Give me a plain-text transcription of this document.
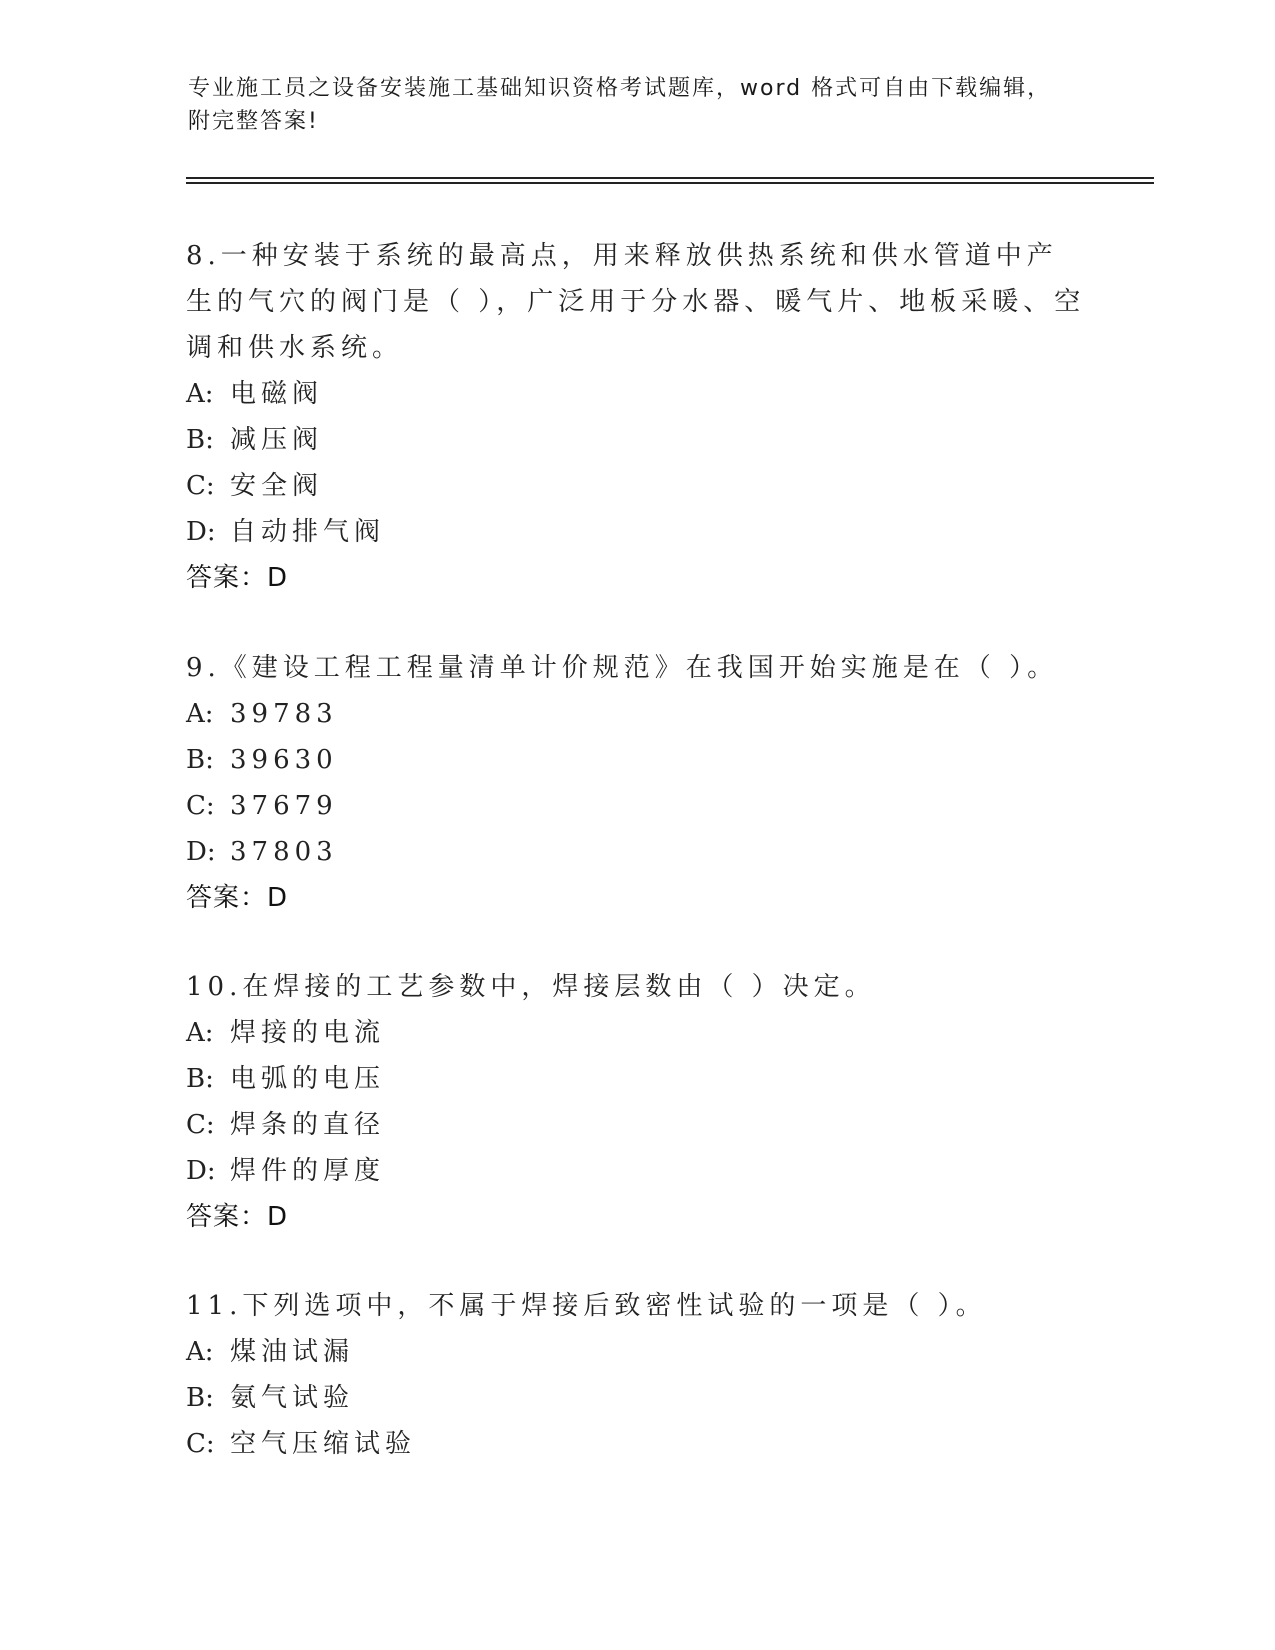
专业施工员之设备安装施工基础知识资格考试题库，word 格式可自由下载编辑，
附完整答案!

8.一种安装于系统的最高点，用来释放供热系统和供水管道中产生的气穴的阀门是（ ），广泛用于分水器、暖气片、地板采暖、空调和供水系统。

A: 电磁阀
B: 减压阀
C: 安全阀
D: 自动排气阀
答案：D

9.《建设工程工程量清单计价规范》在我国开始实施是在（ ）。

A: 39783
B: 39630
C: 37679
D: 37803
答案：D

10.在焊接的工艺参数中，焊接层数由（ ）决定。

A: 焊接的电流
B: 电弧的电压
C: 焊条的直径
D: 焊件的厚度
答案：D

11.下列选项中，不属于焊接后致密性试验的一项是（ ）。

A: 煤油试漏
B: 氨气试验
C: 空气压缩试验
